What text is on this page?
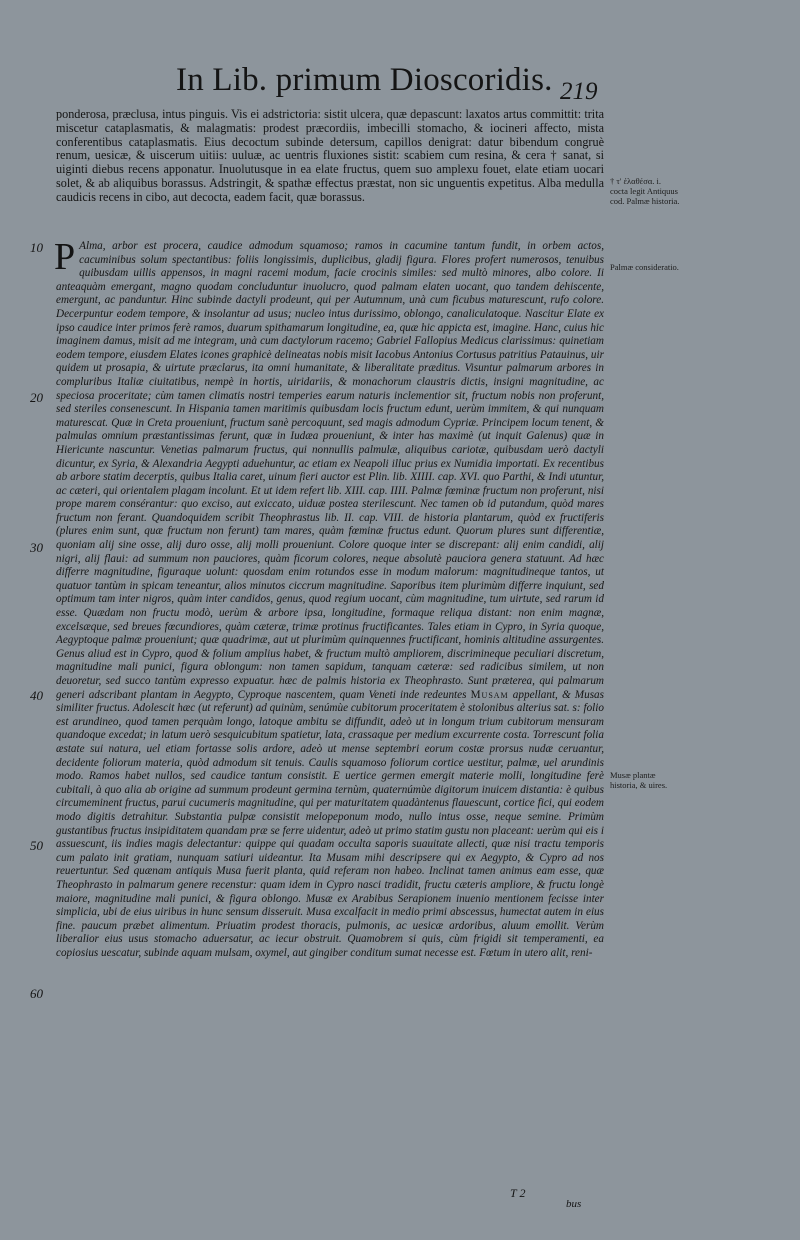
In Lib. primum Dioscoridis. 219

ponderosa, præclusa, intus pinguis. Vis ei adstrictoria: sistit ulcera, quæ depascunt: laxatos artus committit: trita miscetur cataplasmatis, & malagmatis: prodest præcordiis, imbecilli stomacho, & iocineri affecto, mista conferentibus cataplasmatis. Eius decoctum subinde detersum, capillos denigrat: datur bibendum congruè renum, uesicæ, & uiscerum uitiis: uuluæ, ac uentris fluxiones sistit: scabiem cum resina, & cera † sanat, si uiginti diebus recens apponatur. Inuolutusque in ea elate fructus, quem suo amplexu fouet, elate etiam uocari solet, & ab aliquibus borassus. Adstringit, & spathæ effectus præstat, non sic unguentis expetitus. Alba medulla caudicis recens in cibo, aut decocta, eadem facit, quæ borassus.

P Alma, arbor est procera, caudice admodum squamoso; ramos in cacumine tantum fundit, in orbem actos, cacuminibus solum spectantibus: foliis longissimis, duplicibus, gladij figura. Flores profert numerosos, tenuibus quibusdam uillis appensos, in magni racemi modum, facie crocinis similes: sed multò minores, albo colore. Ii anteaquàm emergant, magno quodam concluduntur inuolucro, quod palmam elaten uocant, quo tandem dehiscente, emergunt, ac panduntur. Hinc subinde dactyli prodeunt, qui per Autumnum, unà cum ficubus maturescunt, rufo colore. Decerpuntur eodem tempore, & insolantur ad usus; nucleo intus durissimo, oblongo, canaliculatoque. Nascitur Elate ex ipso caudice inter primos ferè ramos, duarum spithamarum longitudine, ea, quæ hic appicta est, imagine. Hanc, cuius hic imaginem damus, misit ad me integram, unà cum dactylorum racemo; Gabriel Fallopius Medicus clarissimus: quinetiam eodem tempore, eiusdem Elates icones graphicè delineatas nobis misit Iacobus Antonius Cortusus patritius Patauinus, uir quidem ut prosapia, & uirtute præclarus, ita omni humanitate, & liberalitate præditus. Visuntur palmarum arbores in compluribus Italiæ ciuitatibus, nempè in hortis, uiridariis, & monachorum claustris dictis, insigni magnitudine, ac speciosa proceritate; cùm tamen climatis nostri temperies earum naturis inclementior sit, fructum nobis non proferunt, sed steriles consenescunt. In Hispania tamen maritimis quibusdam locis fructum edunt, uerùm immitem, & qui nunquam maturescat. Quæ in Creta proueniunt, fructum sanè percoquunt, sed magis admodum Cypriæ. Principem locum tenent, & palmulas omnium præstantissimas ferunt, quæ in Iudæa proueniunt, & inter has maximè (ut inquit Galenus) quæ in Hiericunte nascuntur. Venetias palmarum fructus, qui nonnullis palmulæ, aliquibus cariotæ, quibusdam uerò dactyli dicuntur, ex Syria, & Alexandria Aegypti aduehuntur, ac etiam ex Neapoli illuc prius ex Numidia importati. Ex recentibus ab arbore statim decerptis, quibus Italia caret, uinum fieri auctor est Plin. lib. XIIII. cap. XVI. quo Parthi, & Indi utuntur, ac cæteri, qui orientalem plagam incolunt. Et ut idem refert lib. XIII. cap. IIII. Palmæ fœminæ fructum non proferunt, nisi prope marem consérantur: quo exciso, aut exiccato, uiduæ postea sterilescunt. Nec tamen ob id putandum, quòd mares fructum non ferant. Quandoquidem scribit Theophrastus lib. II. cap. VIII. de historia plantarum, quòd ex fructiferis (plures enim sunt, quæ fructum non ferunt) tam mares, quàm fœminæ fructus edunt. Quorum plures sunt differentiæ, quoniam alij sine osse, alij duro osse, alij molli proueniunt. Colore quoque inter se discrepant: alij enim candidi, alij nigri, alij flaui: ad summum non pauciores, quàm ficorum colores, neque absolutè pauciora genera statuunt. Ad hæc differre magnitudine, figuraque uolunt: quosdam enim rotundos esse in modum malorum: magnitudineque tantos, ut quatuor tantùm in spicam teneantur, alios minutos ciccrum magnitudine. Saporibus item plurimùm differre inquiunt, sed optimum tam inter nigros, quàm inter candidos, genus, quod regium uocant, cùm magnitudine, tum uirtute, sed rarum id esse. Quædam non fructu modò, uerùm & arbore ipsa, longitudine, formaque reliqua distant: non enim magnæ, excelsæque, sed breues fœcundiores, quàm cæteræ, trimæ protinus fructificantes. Tales etiam in Cypro, in Syria quoque, Aegyptoque palmæ proueniunt; quæ quadrimæ, aut ut plurimùm quinquennes fructificant, hominis altitudine assurgentes. Genus aliud est in Cypro, quod & folium amplius habet, & fructum multò ampliorem, discrimineque peculiari discretum, magnitudine mali punici, figura oblongum: non tamen sapidum, tanquam cæteræ: sed radicibus similem, ut non deuoretur, sed succo tantùm expresso expuatur. hæc de palmis historia ex Theophrasto. Sunt præterea, qui palmarum generi adscribant plantam in Aegypto, Cyproque nascentem, quam Veneti inde redeuntes Musam appellant, & Musas similiter fructus. Adolescit hæc (ut referunt) ad quinùm, senúmùe cubitorum proceritatem è stolonibus alterius sat. s: folio est arundineo, quod tamen perquàm longo, latoque ambitu se diffundit, adeò ut in longum trium cubitorum mensuram quandoque excedat; in latum uerò sesquicubitum spatietur, lata, crassaque per medium excurrente costa. Torrescunt folia æstate sui natura, uel etiam fortasse solis ardore, adeò ut mense septembri eorum costæ prorsus nudæ ceruantur, decidente foliorum materia, quòd admodum sit tenuis. Caulis squamoso foliorum cortice uestitur, palmæ, uel arundinis modo. Ramos habet nullos, sed caudice tantum consistit. E uertice germen emergit materie molli, longitudine ferè cubitali, à quo alia ab origine ad summum prodeunt germina ternùm, quaternúmùe digitorum inuicem distantia: è quibus circumeminent fructus, parui cucumeris magnitudine, qui per maturitatem quadàntenus flauescunt, cortice fici, qui eodem modo digitis detrahitur. Substantia pulpæ consistit melopeponum modo, nullo intus osse, neque semine. Primùm gustantibus fructus insipiditatem quandam præ se ferre uidentur, adeò ut primo statim gustu non placeant: uerùm qui eis i assuescunt, iis indies magis delectantur: quippe qui quadam occulta saporis suauitate allecti, quæ nisi tractu temporis cum palato init gratiam, nunquam satiuri uideantur. Ita Musam mihi descripsere qui ex Aegypto, & Cypro ad nos reuertuntur. Sed quænam antiquis Musa fuerit planta, quid referam non habeo. Inclinat tamen animus eam esse, quæ Theophrasto in palmarum genere recenstur: quam idem in Cypro nasci tradidit, fructu cæteris ampliore, & fructu longè maiore, magnitudine mali punici, & figura oblongo. Musæ ex Arabibus Serapionem inuenio mentionem fecisse inter simplicia, ubi de eius uiribus in hunc sensum disseruit. Musa excalfacit in medio primi abscessus, humectat autem in eius fine. paucum præbet alimentum. Priuatim prodest thoracis, pulmonis, ac uesicæ ardoribus, aluum emollit. Verùm liberalior eius usus stomacho aduersatur, ac iecur obstruit. Quamobrem si quis, cùm frigidi sit temperamenti, ea copiosius uescatur, subinde aquam mulsam, oxymel, aut gingiber conditum sumat necesse est. Fœtum in utero alit, reni-
10
20
30
40
50
60
† τ' ἐλαθέσα. i. cocta legit Antiquus cod. Palmæ historia.
Palmæ consideratio.
Musæ plantæ historia, & uires.
T 2
bus
